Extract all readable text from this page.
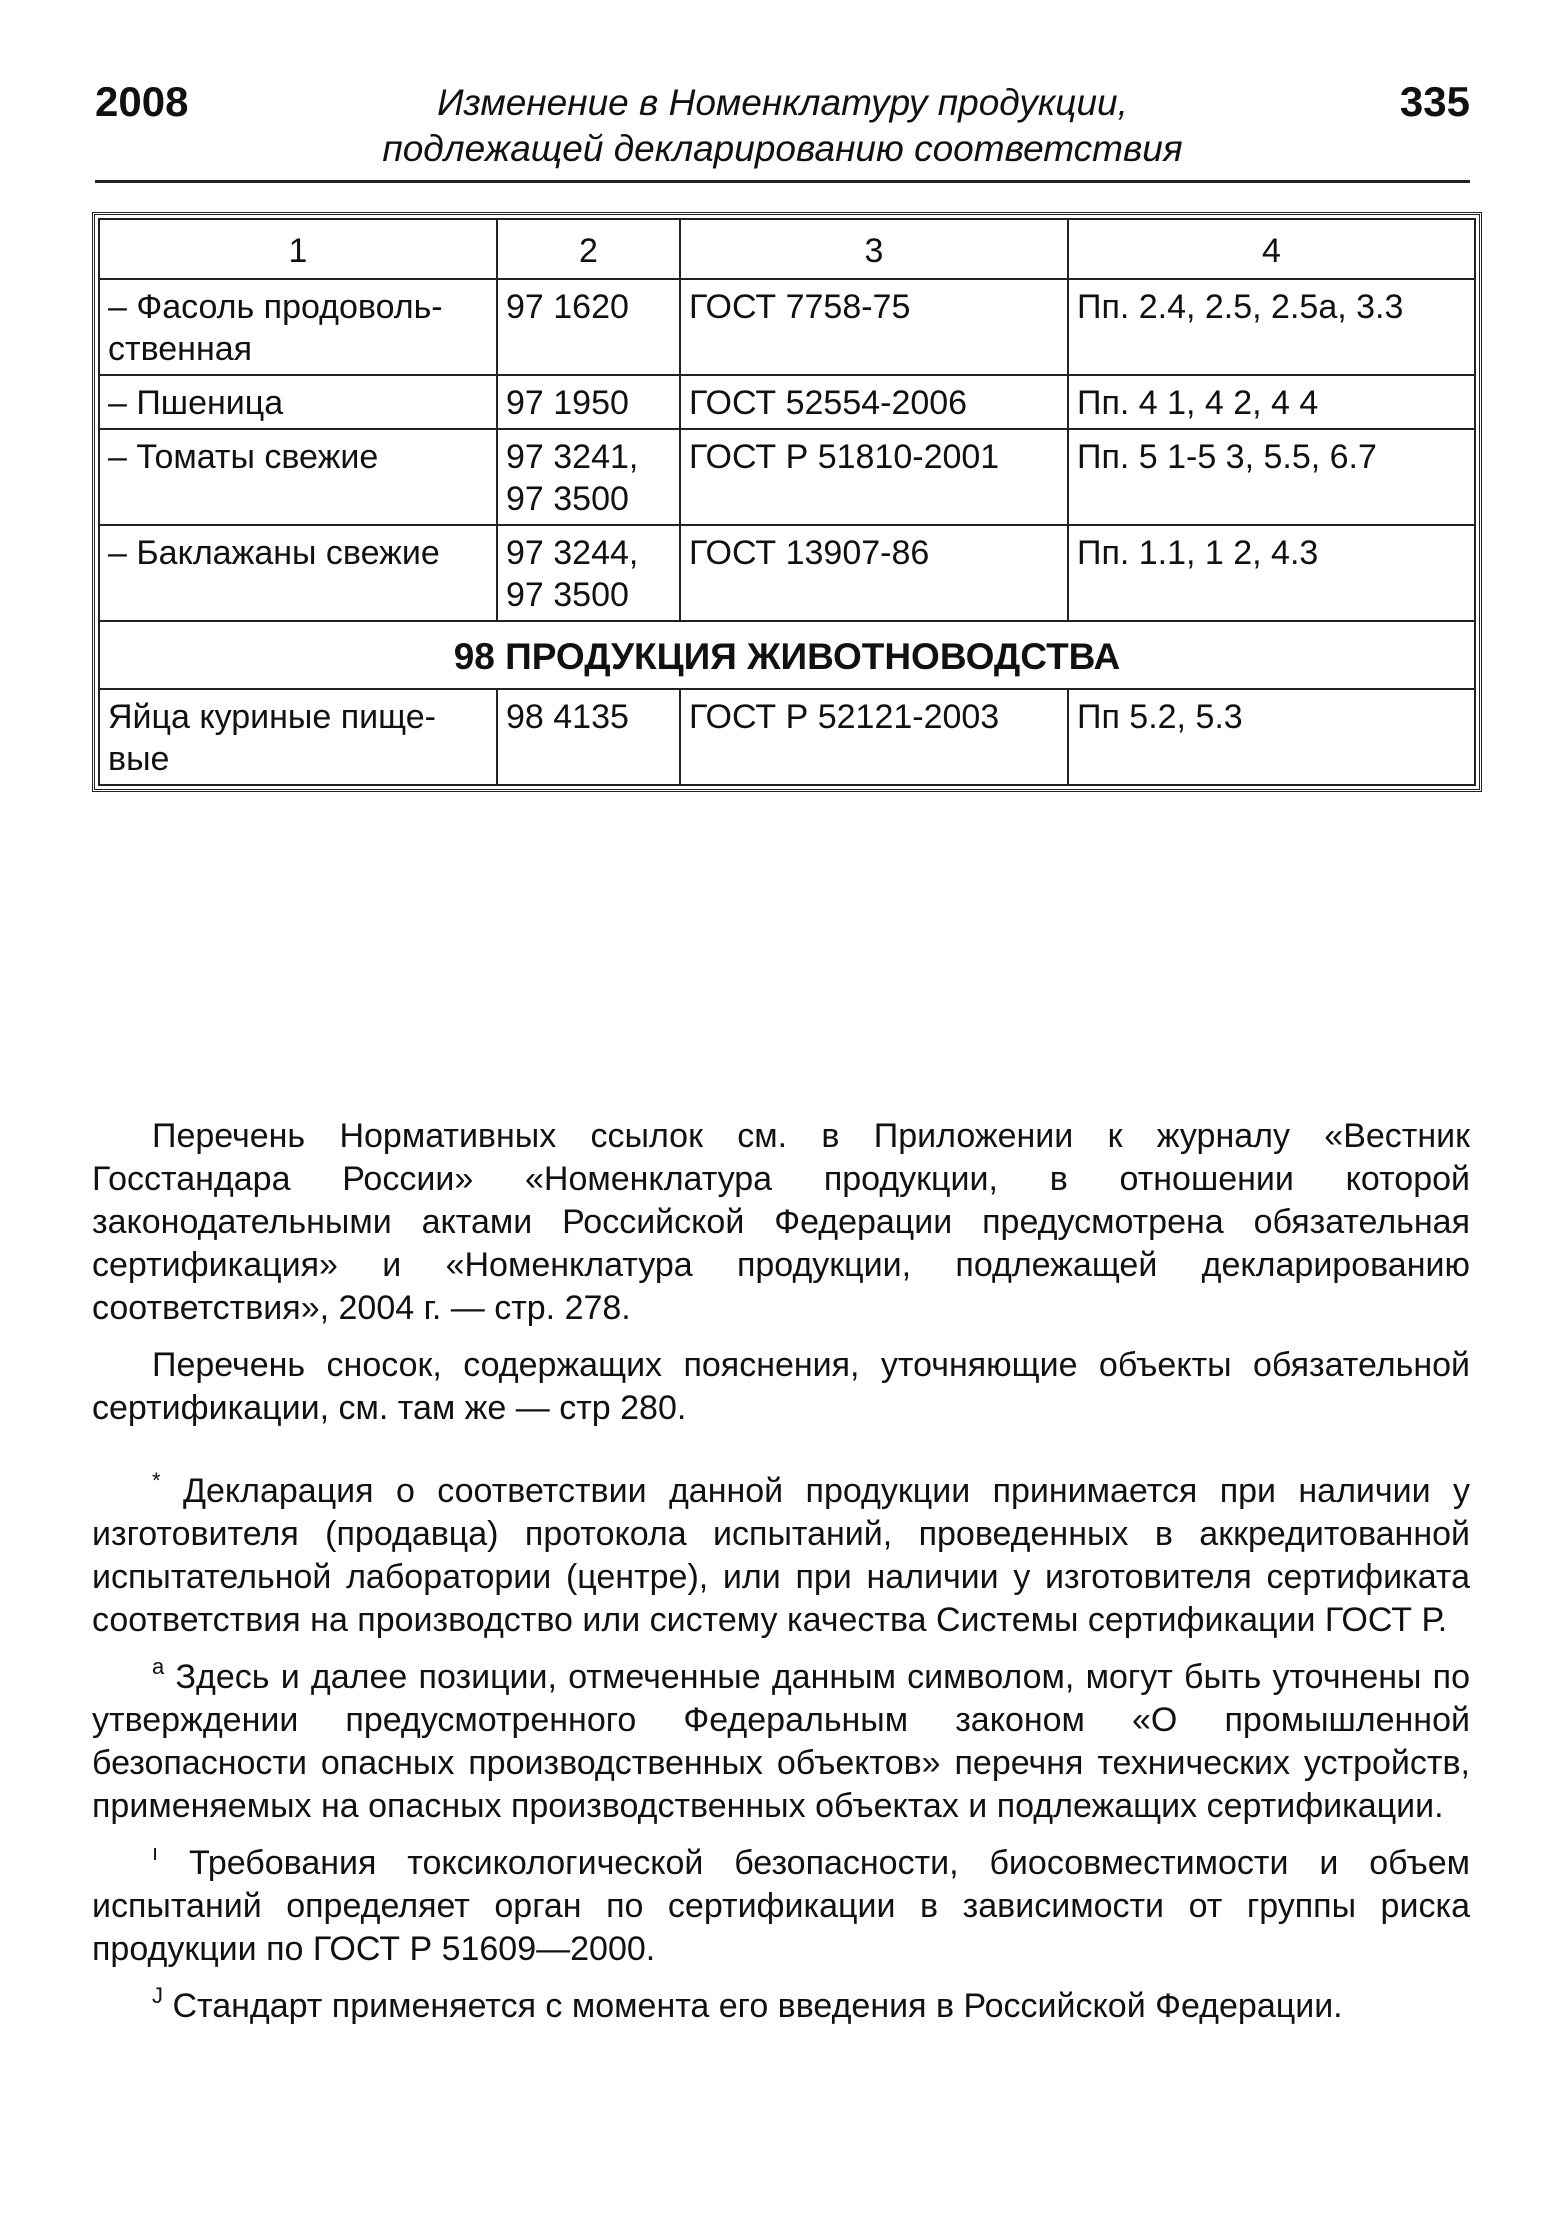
2008	Изменение в Номенклатуру продукции,
подлежащей декларированию соответствия
335
1	2	3	4
– Фасоль продоволь-ственная	97 1620	ГОСТ 7758-75	Пп. 2.4, 2.5, 2.5а, 3.3
– Пшеница	97 1950	ГОСТ 52554-2006	Пп. 4 1, 4 2, 4 4
– Томаты свежие	97 3241, 97 3500	ГОСТ Р 51810-2001	Пп. 5 1-5 3, 5.5, 6.7
– Баклажаны свежие	97 3244, 97 3500	ГОСТ 13907-86	Пп. 1.1, 1 2, 4.3
98 ПРОДУКЦИЯ ЖИВОТНОВОДСТВА			
Яйца куриные пище-вые	98 4135	ГОСТ Р 52121-2003	Пп 5.2, 5.3

Перечень Нормативных ссылок см. в Приложении к журналу «Вестник Госстандара России» «Номенклатура продукции, в отношении которой законодательными актами Российской Федерации предусмотрена обязательная сертификация» и «Номенклатура продукции, подлежащей декларированию соответствия», 2004 г. — стр. 278.

Перечень сносок, содержащих пояснения, уточняющие объекты обязательной сертификации, см. там же — стр 280.

* Декларация о соответствии данной продукции принимается при наличии у изготовителя (продавца) протокола испытаний, проведенных в аккредитованной испытательной лаборатории (центре), или при наличии у изготовителя сертификата соответствия на производство или систему качества Системы сертификации ГОСТ Р.

$^а$ Здесь и далее позиции, отмеченные данным символом, могут быть уточнены по утверждении предусмотренного Федеральным законом «О промышленной безопасности опасных производственных объектов» перечня технических устройств, применяемых на опасных производственных объектах и подлежащих сертификации.

$^ı$ Требования токсикологической безопасности, биосовместимости и объем испытаний определяет орган по сертификации в зависимости от группы риска продукции по ГОСТ Р 51609—2000.

$^J$ Стандарт применяется с момента его введения в Российской Федерации.
